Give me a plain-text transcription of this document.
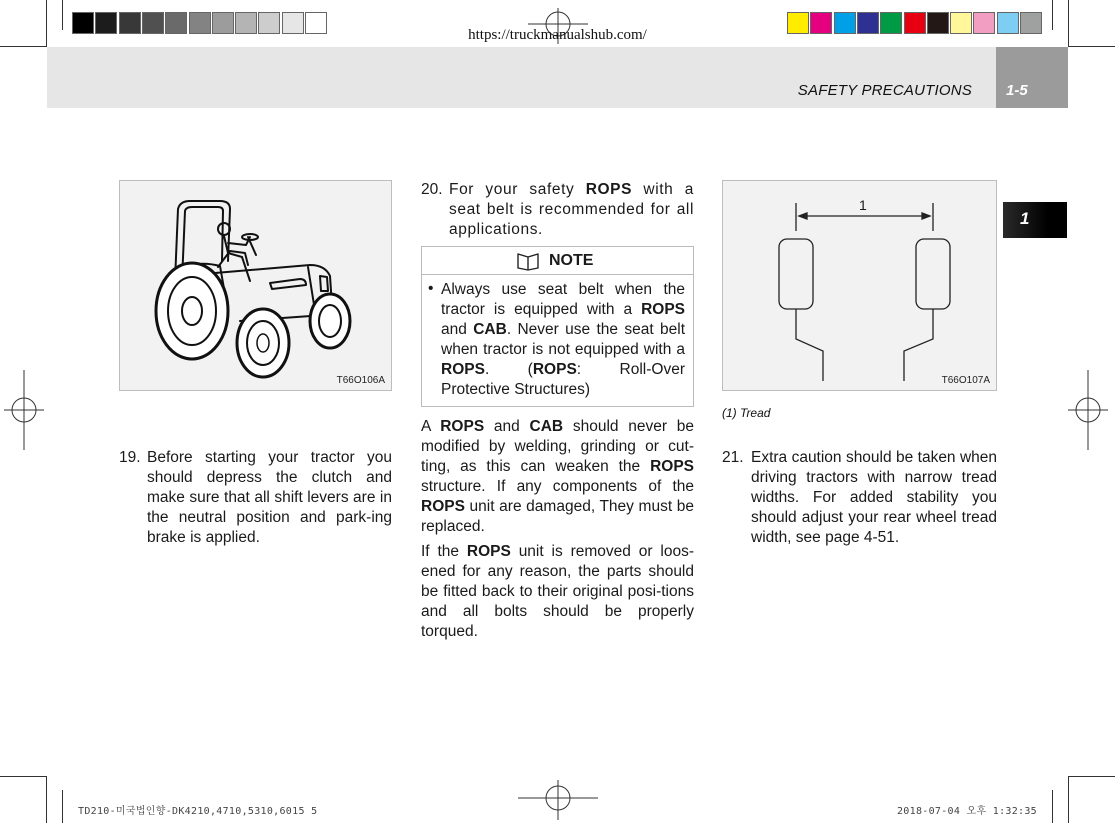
https://truckmanualshub.com/
SAFETY PRECAUTIONS 1-5
1
T66O106A
1
T66O107A
(1) Tread
19. Before starting your tractor you should depress the clutch and make sure that all shift levers are in the neutral position and park-ing brake is applied.
20. For your safety ROPS with a seat belt is recommended for all applications.
NOTE
• Always use seat belt when the tractor is equipped with a ROPS and CAB. Never use the seat belt when tractor is not equipped with a ROPS. (ROPS: Roll-Over Protective Structures)
A ROPS and CAB should never be modified by welding, grinding or cut-ting, as this can weaken the ROPS structure. If any components of the ROPS unit are damaged, They must be replaced.
If the ROPS unit is removed or loos-ened for any reason, the parts should be fitted back to their original posi-tions and all bolts should be properly torqued.
21. Extra caution should be taken when driving tractors with narrow tread widths. For added stability you should adjust your rear wheel tread width, see page 4-51.
TD210-미국법인향-DK4210,4710,5310,6015 5	2018-07-04 오후 1:32:35
